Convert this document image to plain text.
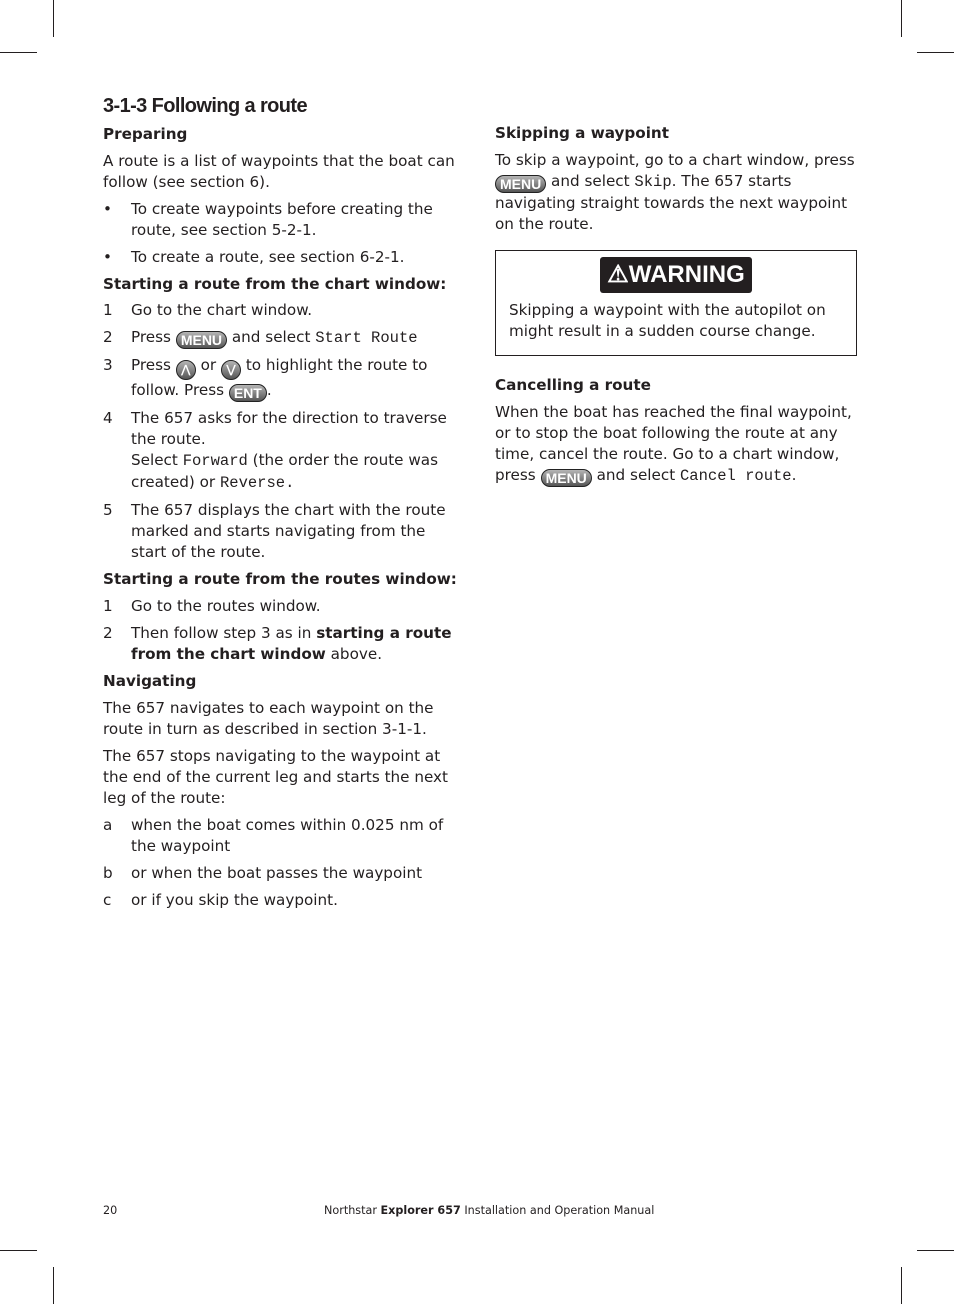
3-1-3 Following a route

Preparing

A route is a list of waypoints that the boat can follow (see section 6).

•	To create waypoints before creating the route, see section 5-2-1.
•	To create a route, see section 6-2-1.

Starting a route from the chart window:

1	Go to the chart window.
2	Press MENU and select Start Route
3	Press ⋀ or ⋁ to highlight the route to follow. Press ENT .
4	The 657 asks for the direction to traverse the route.
Select Forward (the order the route was created) or Reverse.
5	The 657 displays the chart with the route marked and starts navigating from the start of the route.

Starting a route from the routes window:

1	Go to the routes window.
2	Then follow step 3 as in starting a route from the chart window above.

Navigating

The 657 navigates to each waypoint on the route in turn as described in section 3-1-1.

The 657 stops navigating to the waypoint at the end of the current leg and starts the next leg of the route:

a	when the boat comes within 0.025 nm of the waypoint
b	or when the boat passes the waypoint
c	or if you skip the waypoint.

Skipping a waypoint

To skip a waypoint, go to a chart window, press MENU and select Skip. The 657 starts navigating straight towards the next waypoint on the route.

⚠WARNING

Skipping a waypoint with the autopilot on might result in a sudden course change.

Cancelling a route

When the boat has reached the final waypoint, or to stop the boat following the route at any time, cancel the route. Go to a chart window, press MENU and select Cancel route.

20	Northstar Explorer 657 Installation and Operation Manual
